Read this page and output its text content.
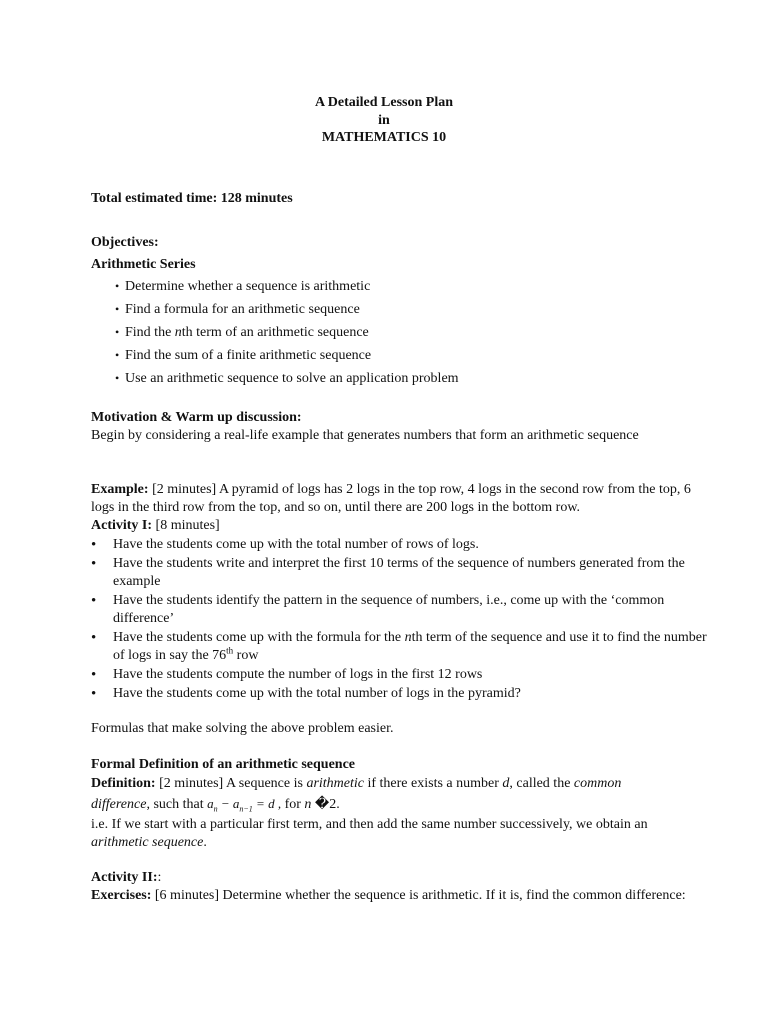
A Detailed Lesson Plan
in
MATHEMATICS 10
Total estimated time: 128 minutes
Objectives:
Arithmetic Series
• Determine whether a sequence is arithmetic
• Find a formula for an arithmetic sequence
• Find the nth term of an arithmetic sequence
• Find the sum of a finite arithmetic sequence
• Use an arithmetic sequence to solve an application problem
Motivation & Warm up discussion:

Begin by considering a real-life example that generates numbers that form an arithmetic sequence

Example: [2 minutes] A pyramid of logs has 2 logs in the top row, 4 logs in the second row from the top, 6 logs in the third row from the top, and so on, until there are 200 logs in the bottom row.

Activity I: [8 minutes]
• Have the students come up with the total number of rows of logs.
• Have the students write and interpret the first 10 terms of the sequence of numbers generated from the example
• Have the students identify the pattern in the sequence of numbers, i.e., come up with the ‘common difference’
• Have the students come up with the formula for the nth term of the sequence and use it to find the number of logs in say the 76th row
• Have the students compute the number of logs in the first 12 rows
• Have the students come up with the total number of logs in the pyramid?

Formulas that make solving the above problem easier.

Formal Definition of an arithmetic sequence

Definition: [2 minutes] A sequence is arithmetic if there exists a number d, called the common difference, such that $a_n - a_{n-1} = d$ , for n �2.

i.e. If we start with a particular first term, and then add the same number successively, we obtain an arithmetic sequence.

Activity II::

Exercises: [6 minutes] Determine whether the sequence is arithmetic. If it is, find the common difference:
